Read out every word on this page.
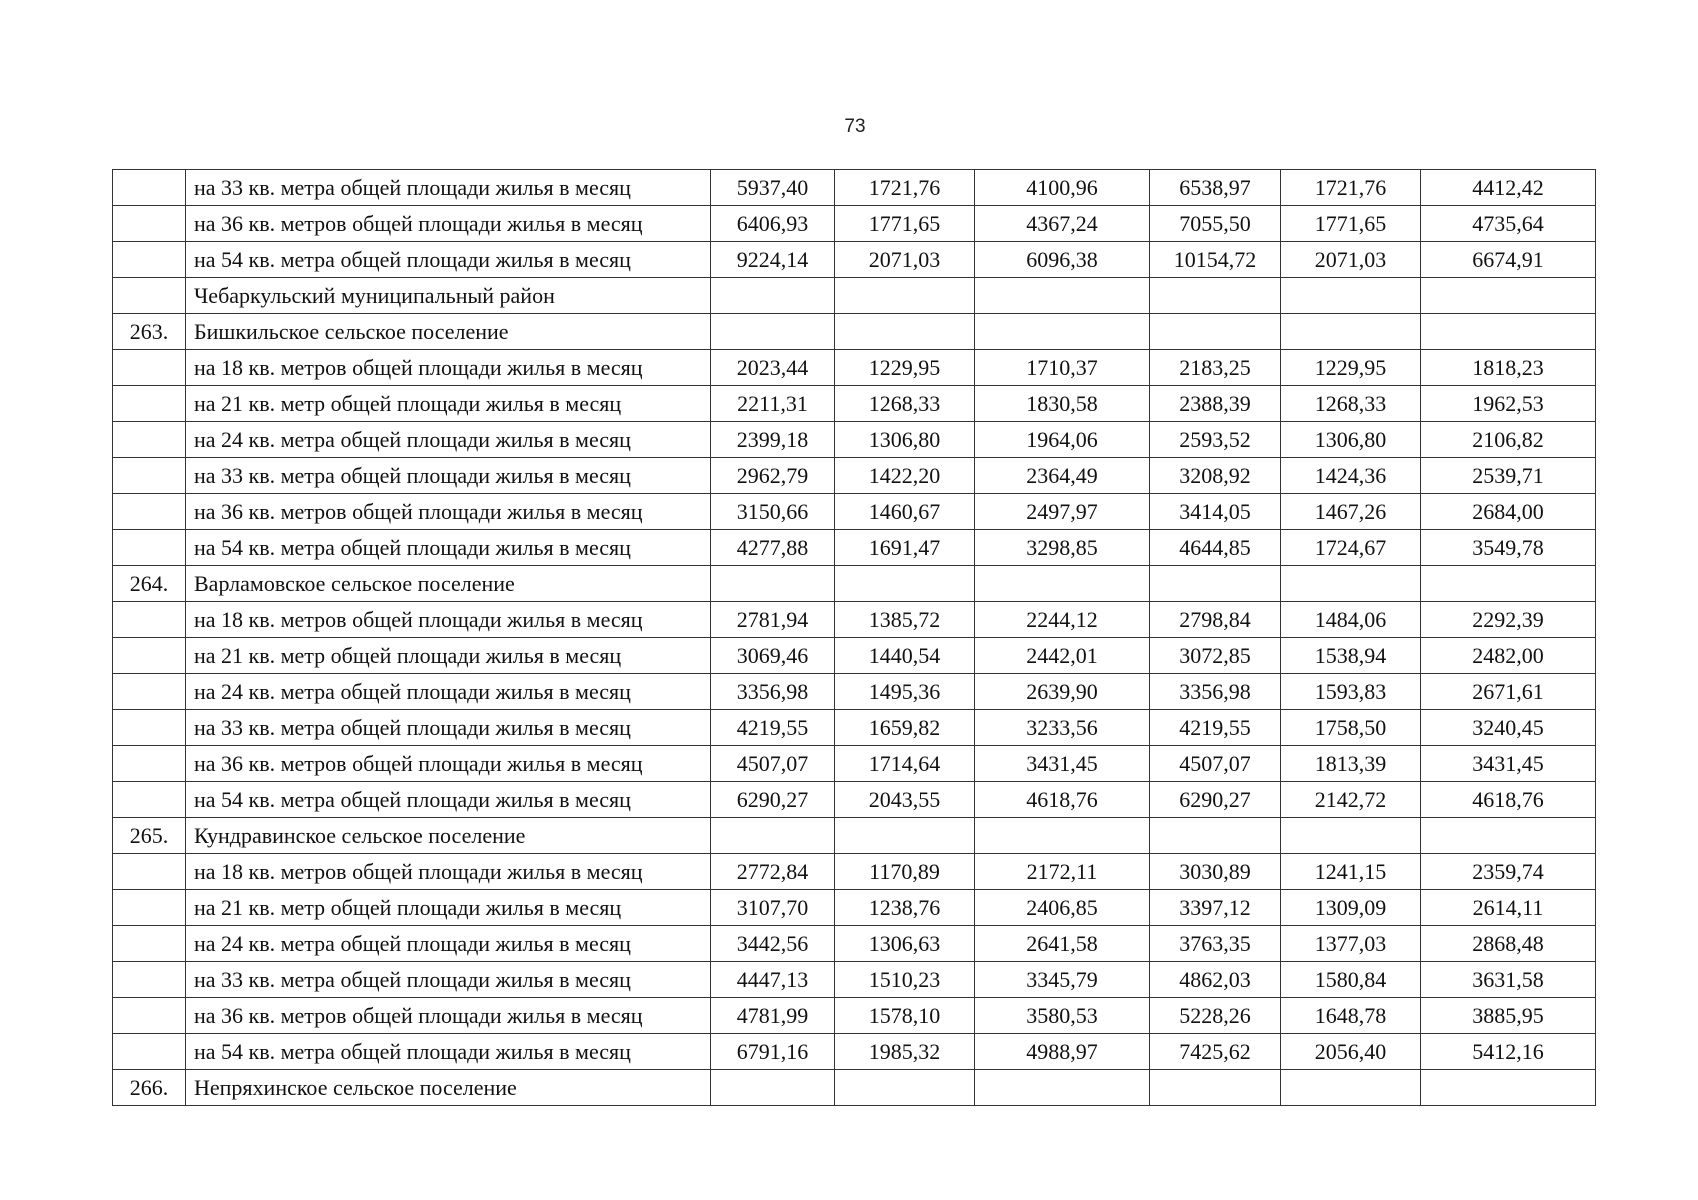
73
	на 33 кв. метра общей площади жилья в месяц	5937,40	1721,76	4100,96	6538,97	1721,76	4412,42
	на 36 кв. метров общей площади жилья в месяц	6406,93	1771,65	4367,24	7055,50	1771,65	4735,64
	на 54 кв. метра общей площади жилья в месяц	9224,14	2071,03	6096,38	10154,72	2071,03	6674,91
	Чебаркульский муниципальный район						
263.	Бишкильское сельское поселение						
	на 18 кв. метров общей площади жилья в месяц	2023,44	1229,95	1710,37	2183,25	1229,95	1818,23
	на 21 кв. метр общей площади жилья в месяц	2211,31	1268,33	1830,58	2388,39	1268,33	1962,53
	на 24 кв. метра общей площади жилья в месяц	2399,18	1306,80	1964,06	2593,52	1306,80	2106,82
	на 33 кв. метра общей площади жилья в месяц	2962,79	1422,20	2364,49	3208,92	1424,36	2539,71
	на 36 кв. метров общей площади жилья в месяц	3150,66	1460,67	2497,97	3414,05	1467,26	2684,00
	на 54 кв. метра общей площади жилья в месяц	4277,88	1691,47	3298,85	4644,85	1724,67	3549,78
264.	Варламовское сельское поселение						
	на 18 кв. метров общей площади жилья в месяц	2781,94	1385,72	2244,12	2798,84	1484,06	2292,39
	на 21 кв. метр общей площади жилья в месяц	3069,46	1440,54	2442,01	3072,85	1538,94	2482,00
	на 24 кв. метра общей площади жилья в месяц	3356,98	1495,36	2639,90	3356,98	1593,83	2671,61
	на 33 кв. метра общей площади жилья в месяц	4219,55	1659,82	3233,56	4219,55	1758,50	3240,45
	на 36 кв. метров общей площади жилья в месяц	4507,07	1714,64	3431,45	4507,07	1813,39	3431,45
	на 54 кв. метра общей площади жилья в месяц	6290,27	2043,55	4618,76	6290,27	2142,72	4618,76
265.	Кундравинское сельское поселение						
	на 18 кв. метров общей площади жилья в месяц	2772,84	1170,89	2172,11	3030,89	1241,15	2359,74
	на 21 кв. метр общей площади жилья в месяц	3107,70	1238,76	2406,85	3397,12	1309,09	2614,11
	на 24 кв. метра общей площади жилья в месяц	3442,56	1306,63	2641,58	3763,35	1377,03	2868,48
	на 33 кв. метра общей площади жилья в месяц	4447,13	1510,23	3345,79	4862,03	1580,84	3631,58
	на 36 кв. метров общей площади жилья в месяц	4781,99	1578,10	3580,53	5228,26	1648,78	3885,95
	на 54 кв. метра общей площади жилья в месяц	6791,16	1985,32	4988,97	7425,62	2056,40	5412,16
266.	Непряхинское сельское поселение						
